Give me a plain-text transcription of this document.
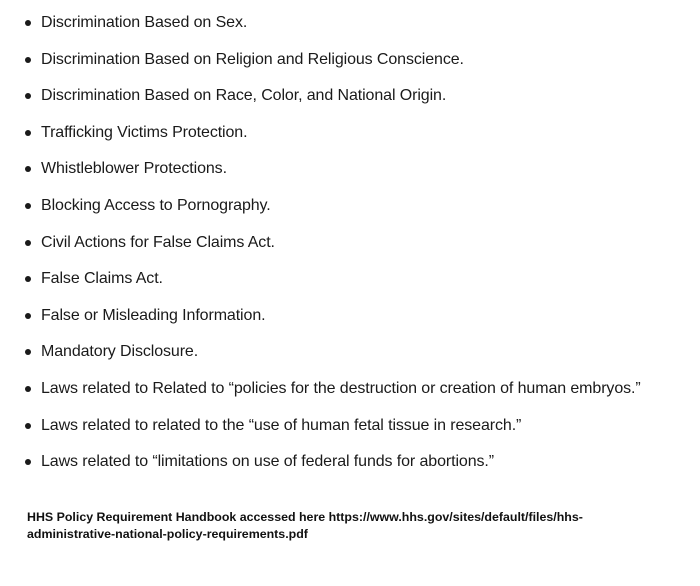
Discrimination Based on Sex.
Discrimination Based on Religion and Religious Conscience.
Discrimination Based on Race, Color, and National Origin.
Trafficking Victims Protection.
Whistleblower Protections.
Blocking Access to Pornography.
Civil Actions for False Claims Act.
False Claims Act.
False or Misleading Information.
Mandatory Disclosure.
Laws related to Related to “policies for the destruction or creation of human embryos.”
Laws related to related to the “use of human fetal tissue in research.”
Laws related to “limitations on use of federal funds for abortions.”

HHS Policy Requirement Handbook accessed here https://www.hhs.gov/sites/default/files/hhs-
administrative-national-policy-requirements.pdf
